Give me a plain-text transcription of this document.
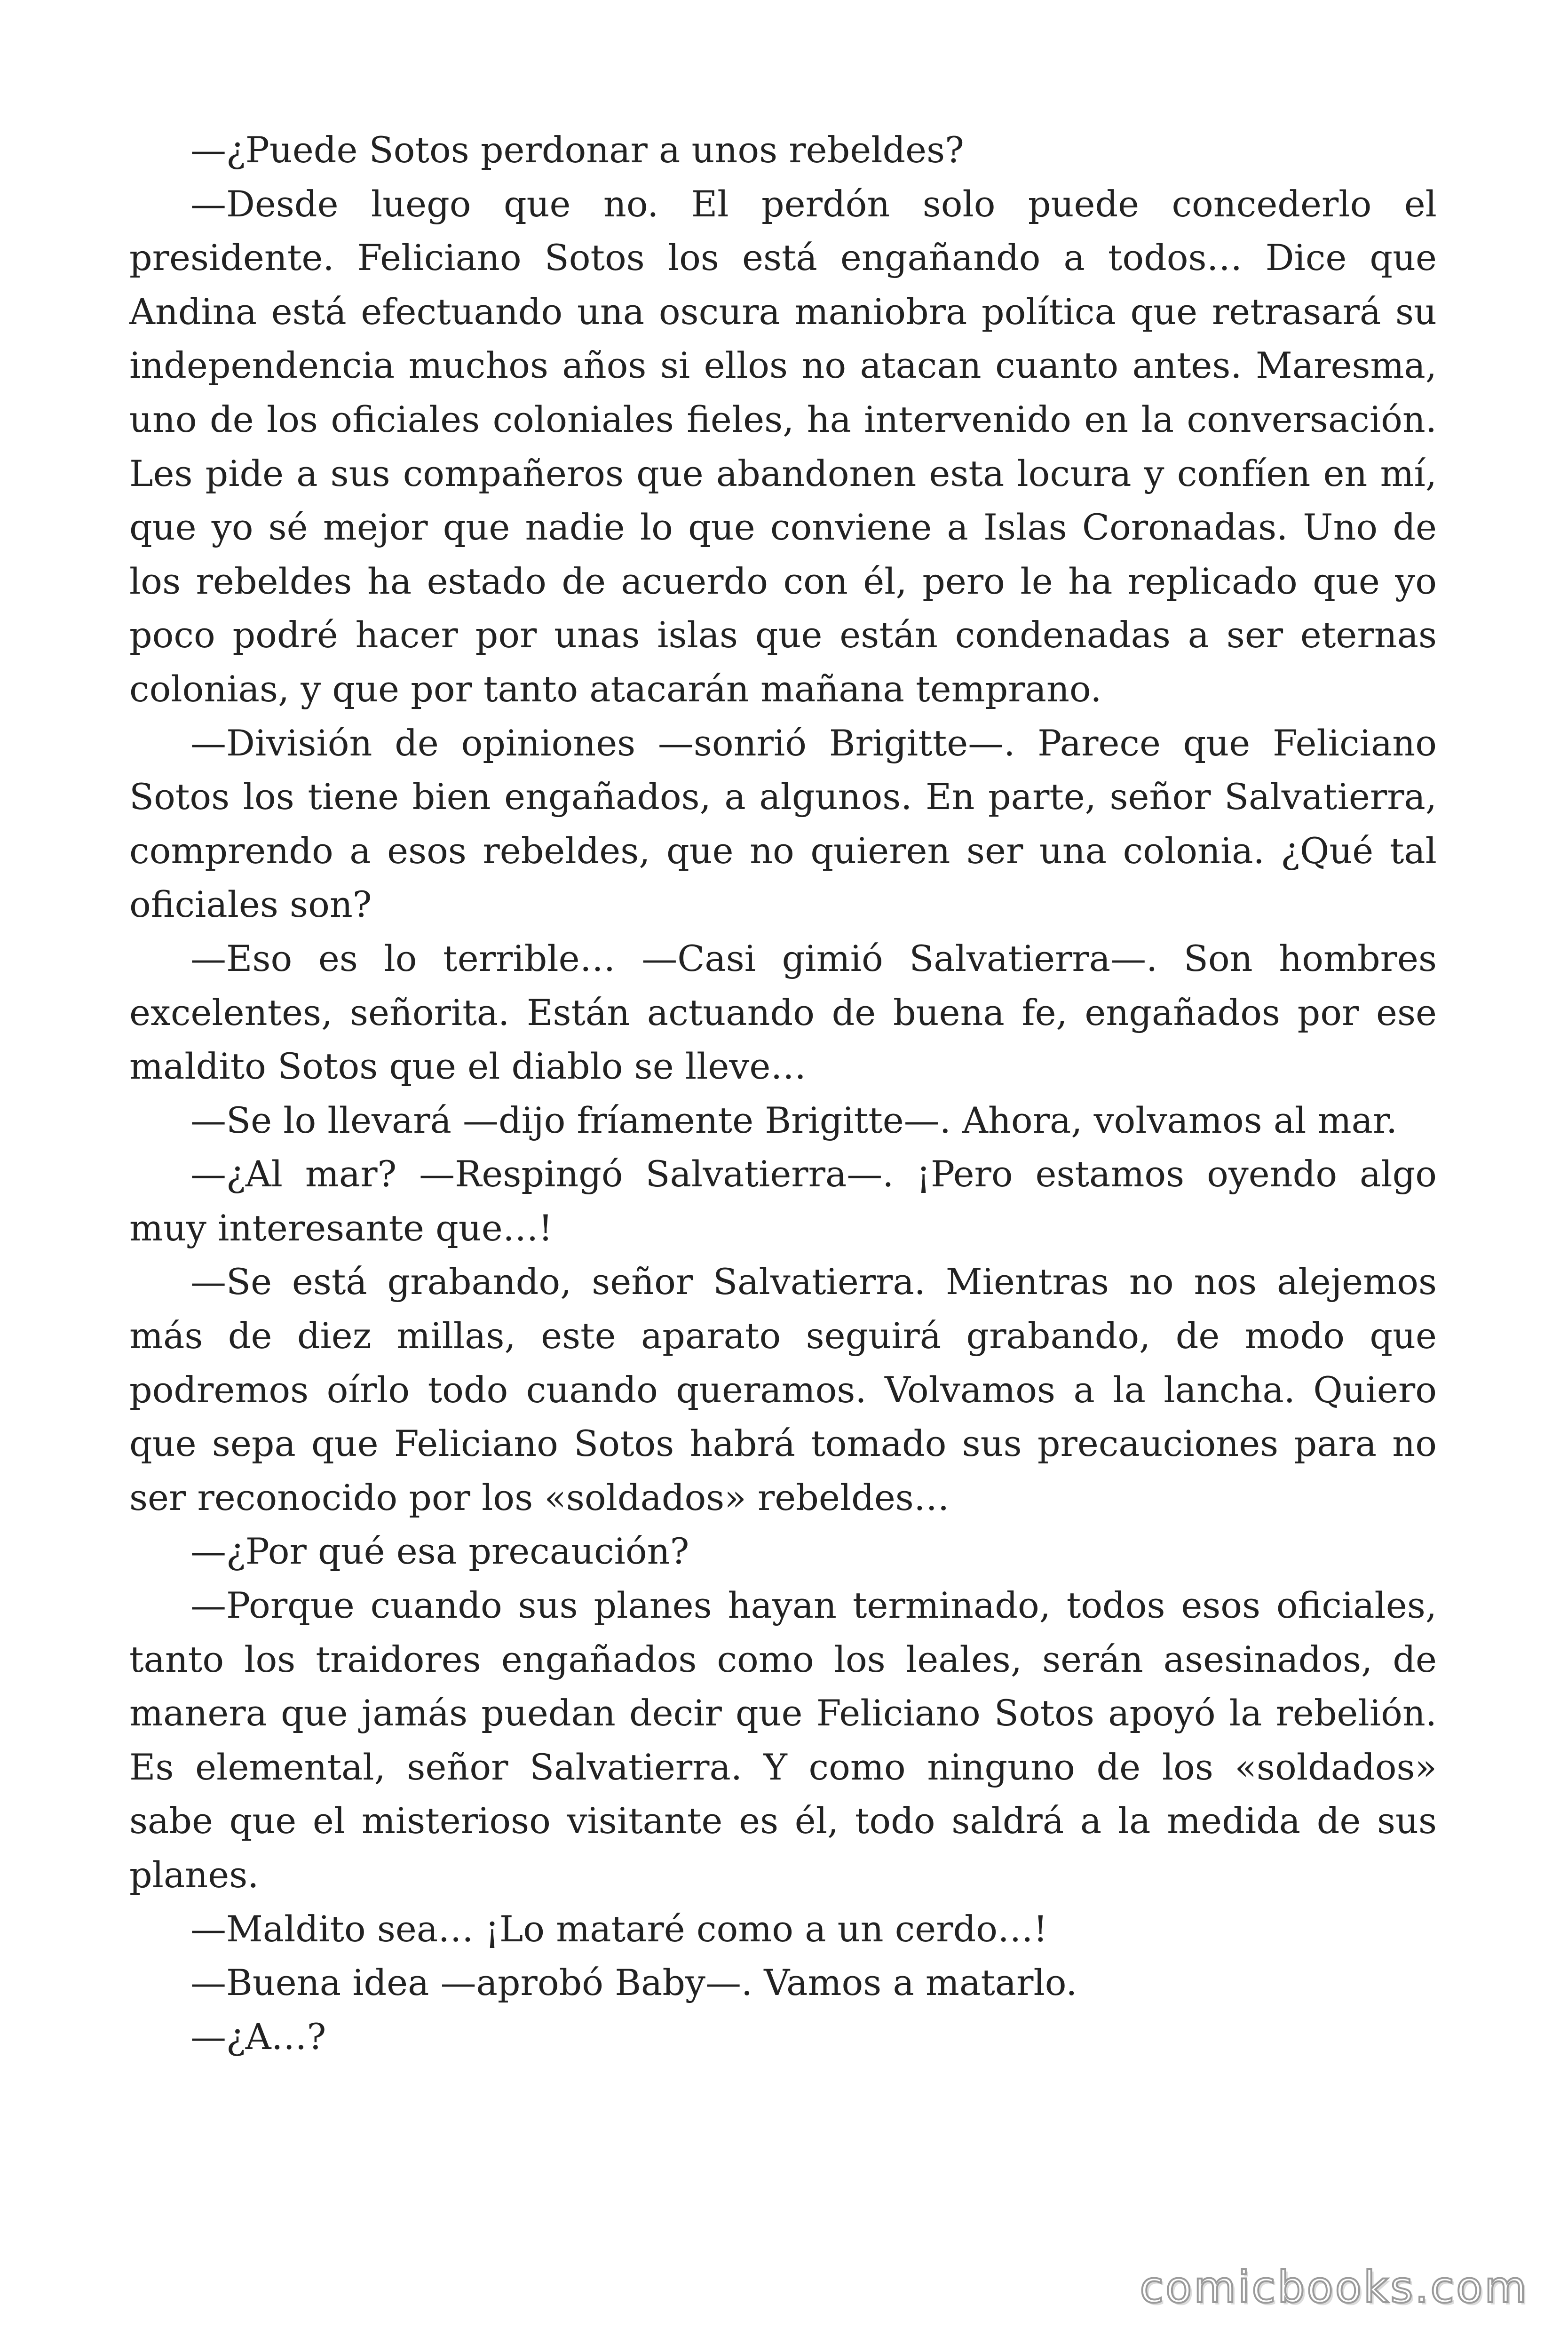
—¿Puede Sotos perdonar a unos rebeldes?

—Desde luego que no. El perdón solo puede concederlo el presidente. Feliciano Sotos los está engañando a todos… Dice que Andina está efectuando una oscura maniobra política que retrasará su independencia muchos años si ellos no atacan cuanto antes. Maresma, uno de los oficiales coloniales fieles, ha intervenido en la conversación. Les pide a sus compañeros que abandonen esta locura y confíen en mí, que yo sé mejor que nadie lo que conviene a Islas Coronadas. Uno de los rebeldes ha estado de acuerdo con él, pero le ha replicado que yo poco podré hacer por unas islas que están condenadas a ser eternas colonias, y que por tanto atacarán mañana temprano.

—División de opiniones —sonrió Brigitte—. Parece que Feliciano Sotos los tiene bien engañados, a algunos. En parte, señor Salvatierra, comprendo a esos rebeldes, que no quieren ser una colonia. ¿Qué tal oficiales son?

—Eso es lo terrible… —Casi gimió Salvatierra—. Son hombres excelentes, señorita. Están actuando de buena fe, engañados por ese maldito Sotos que el diablo se lleve…

—Se lo llevará —dijo fríamente Brigitte—. Ahora, volvamos al mar.

—¿Al mar? —Respingó Salvatierra—. ¡Pero estamos oyendo algo muy interesante que…!

—Se está grabando, señor Salvatierra. Mientras no nos alejemos más de diez millas, este aparato seguirá grabando, de modo que podremos oírlo todo cuando queramos. Volvamos a la lancha. Quiero que sepa que Feliciano Sotos habrá tomado sus precauciones para no ser reconocido por los «soldados» rebeldes…

—¿Por qué esa precaución?

—Porque cuando sus planes hayan terminado, todos esos oficiales, tanto los traidores engañados como los leales, serán asesinados, de manera que jamás puedan decir que Feliciano Sotos apoyó la rebelión. Es elemental, señor Salvatierra. Y como ninguno de los «soldados» sabe que el misterioso visitante es él, todo saldrá a la medida de sus planes.

—Maldito sea… ¡Lo mataré como a un cerdo…!

—Buena idea —aprobó Baby—. Vamos a matarlo.

—¿A…?

comicbooks.com
